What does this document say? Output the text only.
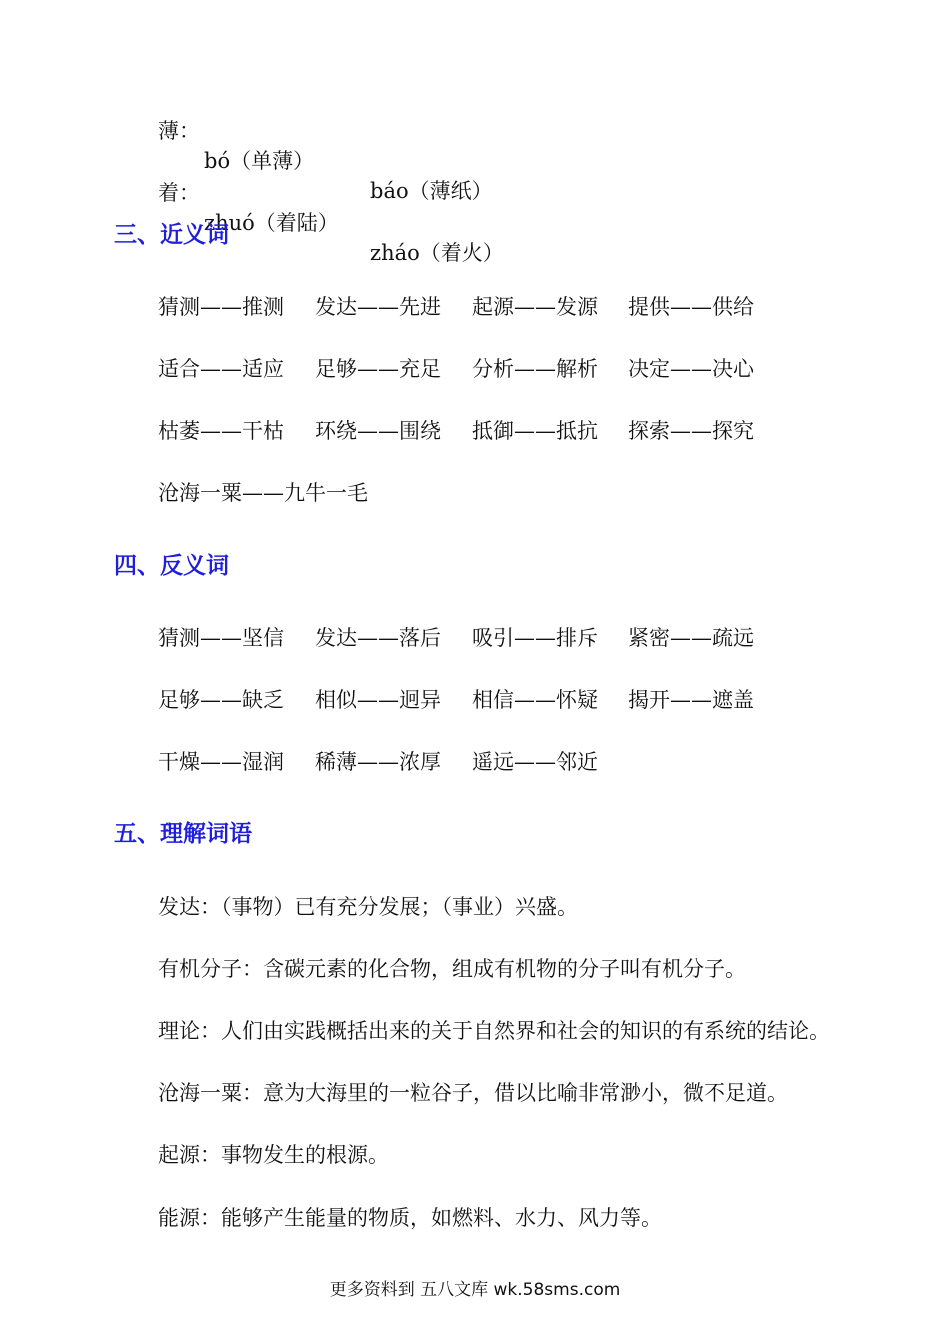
薄：

bó（单薄）

báo（薄纸）

着：

zhuó（着陆）

zháo（着火）

三、近义词
猜测——推测 发达——先进 起源——发源 提供——供给
适合——适应 足够——充足 分析——解析 决定——决心
枯萎——干枯 环绕——围绕 抵御——抵抗 探索——探究
沧海一粟——九牛一毛
四、反义词
猜测——坚信 发达——落后 吸引——排斥 紧密——疏远
足够——缺乏 相似——迥异 相信——怀疑 揭开——遮盖
干燥——湿润 稀薄——浓厚 遥远——邻近
五、理解词语
发达：（事物）已有充分发展；（事业）兴盛。
有机分子：含碳元素的化合物，组成有机物的分子叫有机分子。
理论：人们由实践概括出来的关于自然界和社会的知识的有系统的结论。
沧海一粟：意为大海里的一粒谷子，借以比喻非常渺小，微不足道。
起源：事物发生的根源。
能源：能够产生能量的物质，如燃料、水力、风力等。
更多资料到 五八文库 wk.58sms.com
